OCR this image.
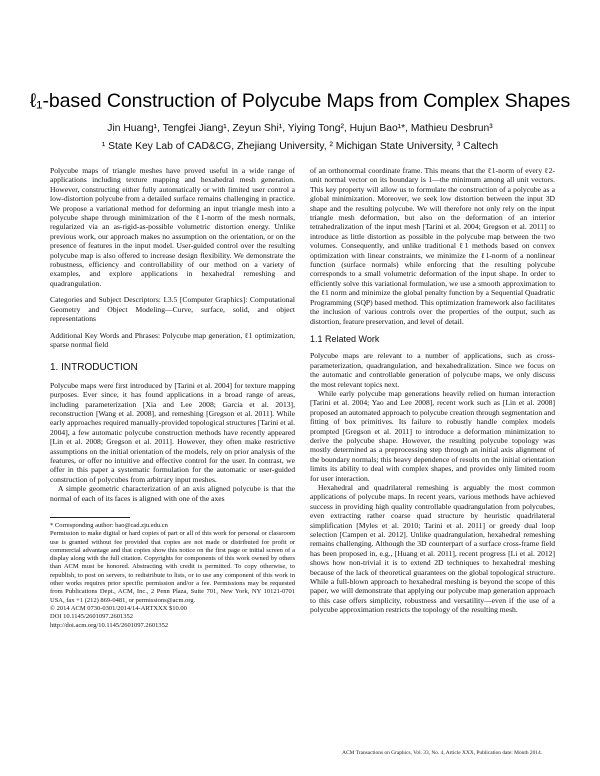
ℓ₁-based Construction of Polycube Maps from Complex Shapes
Jin Huang¹, Tengfei Jiang¹, Zeyun Shi¹, Yiying Tong², Hujun Bao¹*, Mathieu Desbrun³
¹ State Key Lab of CAD&CG, Zhejiang University, ² Michigan State University, ³ Caltech

Polycube maps of triangle meshes have proved useful in a wide range of applications including texture mapping and hexahedral mesh generation. However, constructing either fully automatically or with limited user control a low-distortion polycube from a detailed surface remains challenging in practice. We propose a variational method for deforming an input triangle mesh into a polycube shape through minimization of the ℓ1-norm of the mesh normals, regularized via an as-rigid-as-possible volumetric distortion energy. Unlike previous work, our approach makes no assumption on the orientation, or on the presence of features in the input model. User-guided control over the resulting polycube map is also offered to increase design flexibility. We demonstrate the robustness, efficiency and controllability of our method on a variety of examples, and explore applications in hexahedral remeshing and quadrangulation.

Categories and Subject Descriptors: I.3.5 [Computer Graphics]: Computational Geometry and Object Modeling—Curve, surface, solid, and object representations

Additional Key Words and Phrases: Polycube map generation, ℓ1 optimization, sparse normal field

1. INTRODUCTION

Polycube maps were first introduced by [Tarini et al. 2004] for texture mapping purposes. Ever since, it has found applications in a broad range of areas, including parameterization [Xia and Lee 2008; Garcia et al. 2013], reconstruction [Wang et al. 2008], and remeshing [Gregson et al. 2011]. While early approaches required manually-provided topological structures [Tarini et al. 2004], a few automatic polycube construction methods have recently appeared [Lin et al. 2008; Gregson et al. 2011]. However, they often make restrictive assumptions on the initial orientation of the models, rely on prior analysis of the features, or offer no intuitive and effective control for the user. In contrast, we offer in this paper a systematic formulation for the automatic or user-guided construction of polycubes from arbitrary input meshes.

A simple geometric characterization of an axis aligned polycube is that the normal of each of its faces is aligned with one of the axes

* Corresponding author: bao@cad.zju.edu.cn
Permission to make digital or hard copies of part or all of this work for personal or classroom use is granted without fee provided that copies are not made or distributed for profit or commercial advantage and that copies show this notice on the first page or initial screen of a display along with the full citation. Copyrights for components of this work owned by others than ACM must be honored. Abstracting with credit is permitted. To copy otherwise, to republish, to post on servers, to redistribute to lists, or to use any component of this work in other works requires prior specific permission and/or a fee. Permissions may be requested from Publications Dept., ACM, Inc., 2 Penn Plaza, Suite 701, New York, NY 10121-0701 USA, fax +1 (212) 869-0481, or permissions@acm.org.
© 2014 ACM 0730-0301/2014/14-ARTXXX $10.00
DOI 10.1145/2601097.2601352
http://doi.acm.org/10.1145/2601097.2601352

of an orthonormal coordinate frame. This means that the ℓ1-norm of every ℓ2-unit normal vector on its boundary is 1—the minimum among all unit vectors. This key property will allow us to formulate the construction of a polycube as a global minimization. Moreover, we seek low distortion between the input 3D shape and the resulting polycube. We will therefore not only rely on the input triangle mesh deformation, but also on the deformation of an interior tetrahedralization of the input mesh [Tarini et al. 2004; Gregson et al. 2011] to introduce as little distortion as possible in the polycube map between the two volumes. Consequently, and unlike traditional ℓ1 methods based on convex optimization with linear constraints, we minimize the ℓ1-norm of a nonlinear function (surface normals) while enforcing that the resulting polycube corresponds to a small volumetric deformation of the input shape. In order to efficiently solve this variational formulation, we use a smooth approximation to the ℓ1 norm and minimize the global penalty function by a Sequential Quadratic Programming (SQP) based method. This optimization framework also facilitates the inclusion of various controls over the properties of the output, such as distortion, feature preservation, and level of detail.

1.1 Related Work

Polycube maps are relevant to a number of applications, such as cross-parameterization, quadrangulation, and hexahedralization. Since we focus on the automatic and controllable generation of polycube maps, we only discuss the most relevant topics next.

While early polycube map generations heavily relied on human interaction [Tarini et al. 2004; Yao and Lee 2008], recent work such as [Lin et al. 2008] proposed an automated approach to polycube creation through segmentation and fitting of box primitives. Its failure to robustly handle complex models prompted [Gregson et al. 2011] to introduce a deformation minimization to derive the polycube shape. However, the resulting polycube topology was mostly determined as a preprocessing step through an initial axis alignment of the boundary normals; this heavy dependence of results on the initial orientation limits its ability to deal with complex shapes, and provides only limited room for user interaction.

Hexahedral and quadrilateral remeshing is arguably the most common applications of polycube maps. In recent years, various methods have achieved success in providing high quality controllable quadrangulation from polycubes, even extracting rather coarse quad structure by heuristic quadrilateral simplification [Myles et al. 2010; Tarini et al. 2011] or greedy dual loop selection [Campen et al. 2012]. Unlike quadrangulation, hexahedral remeshing remains challenging. Although the 3D counterpart of a surface cross-frame field has been proposed in, e.g., [Huang et al. 2011], recent progress [Li et al. 2012] shows how non-trivial it is to extend 2D techniques to hexahedral meshing because of the lack of theoretical guarantees on the global topological structure. While a full-blown approach to hexahedral meshing is beyond the scope of this paper, we will demonstrate that applying our polycube map generation approach to this case offers simplicity, robustness and versatility—even if the use of a polycube approximation restricts the topology of the resulting mesh.

ACM Transactions on Graphics, Vol. 33, No. 4, Article XXX, Publication date: Month 2014.
